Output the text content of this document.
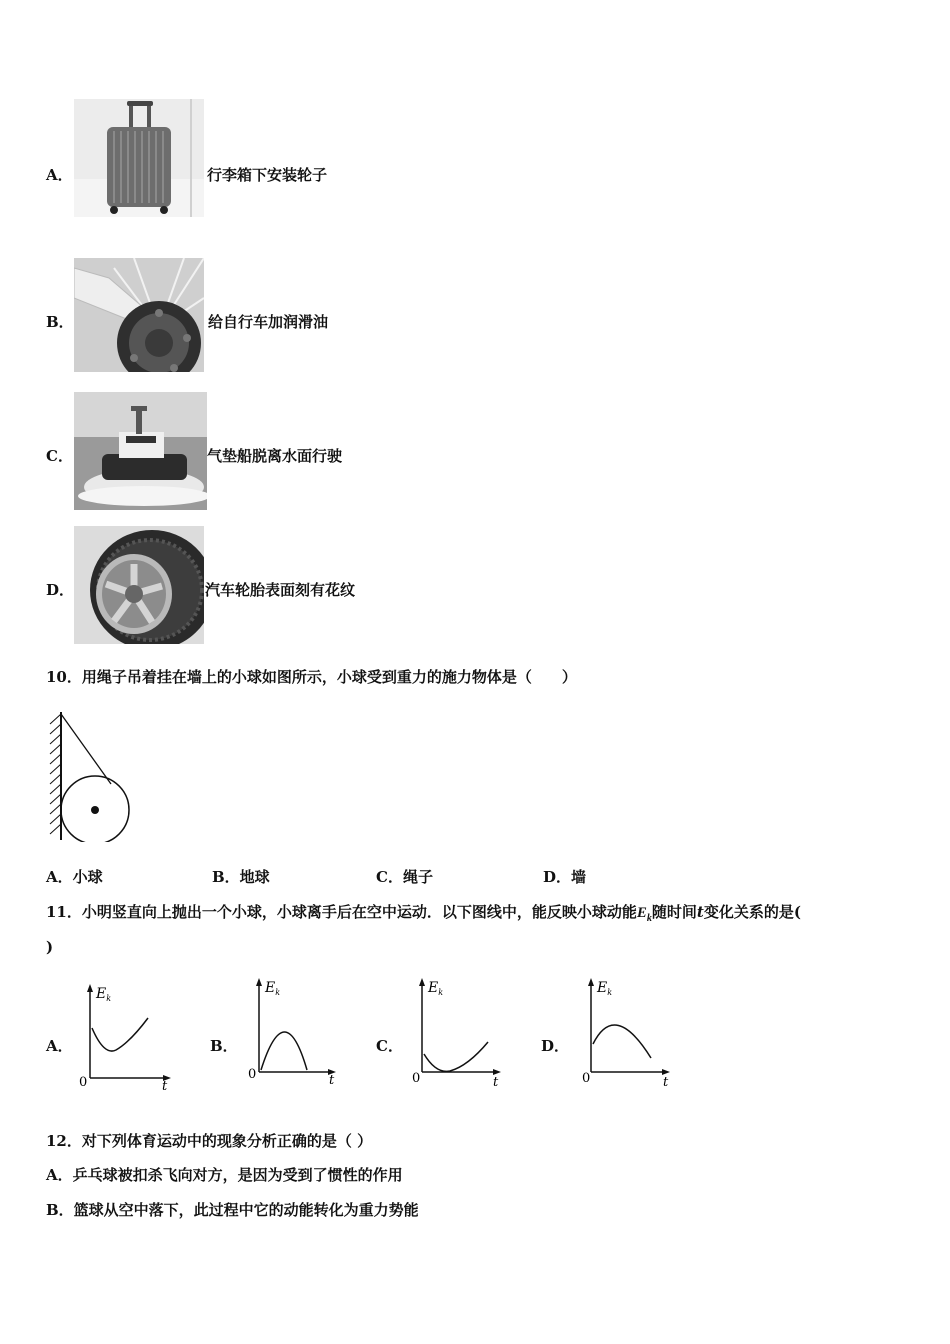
A．	行李箱下安装轮子
B．	给自行车加润滑油
C．	气垫船脱离水面行驶
D．	汽车轮胎表面刻有花纹
10．用绳子吊着挂在墙上的小球如图所示，小球受到重力的施力物体是（　　）
A．小球	B．地球	C．绳子	D．墙
11．小明竖直向上抛出一个小球，小球离手后在空中运动．以下图线中，能反映小球动能$E_k$随时间t变化关系的是(
)
A．	B．	C．	D．
$E_k$
0	t
$E_k$
0	t
$E_k$
0	t
$E_k$
0	t
12．对下列体育运动中的现象分析正确的是（ ）
A．乒乓球被扣杀飞向对方，是因为受到了惯性的作用
B．篮球从空中落下，此过程中它的动能转化为重力势能
